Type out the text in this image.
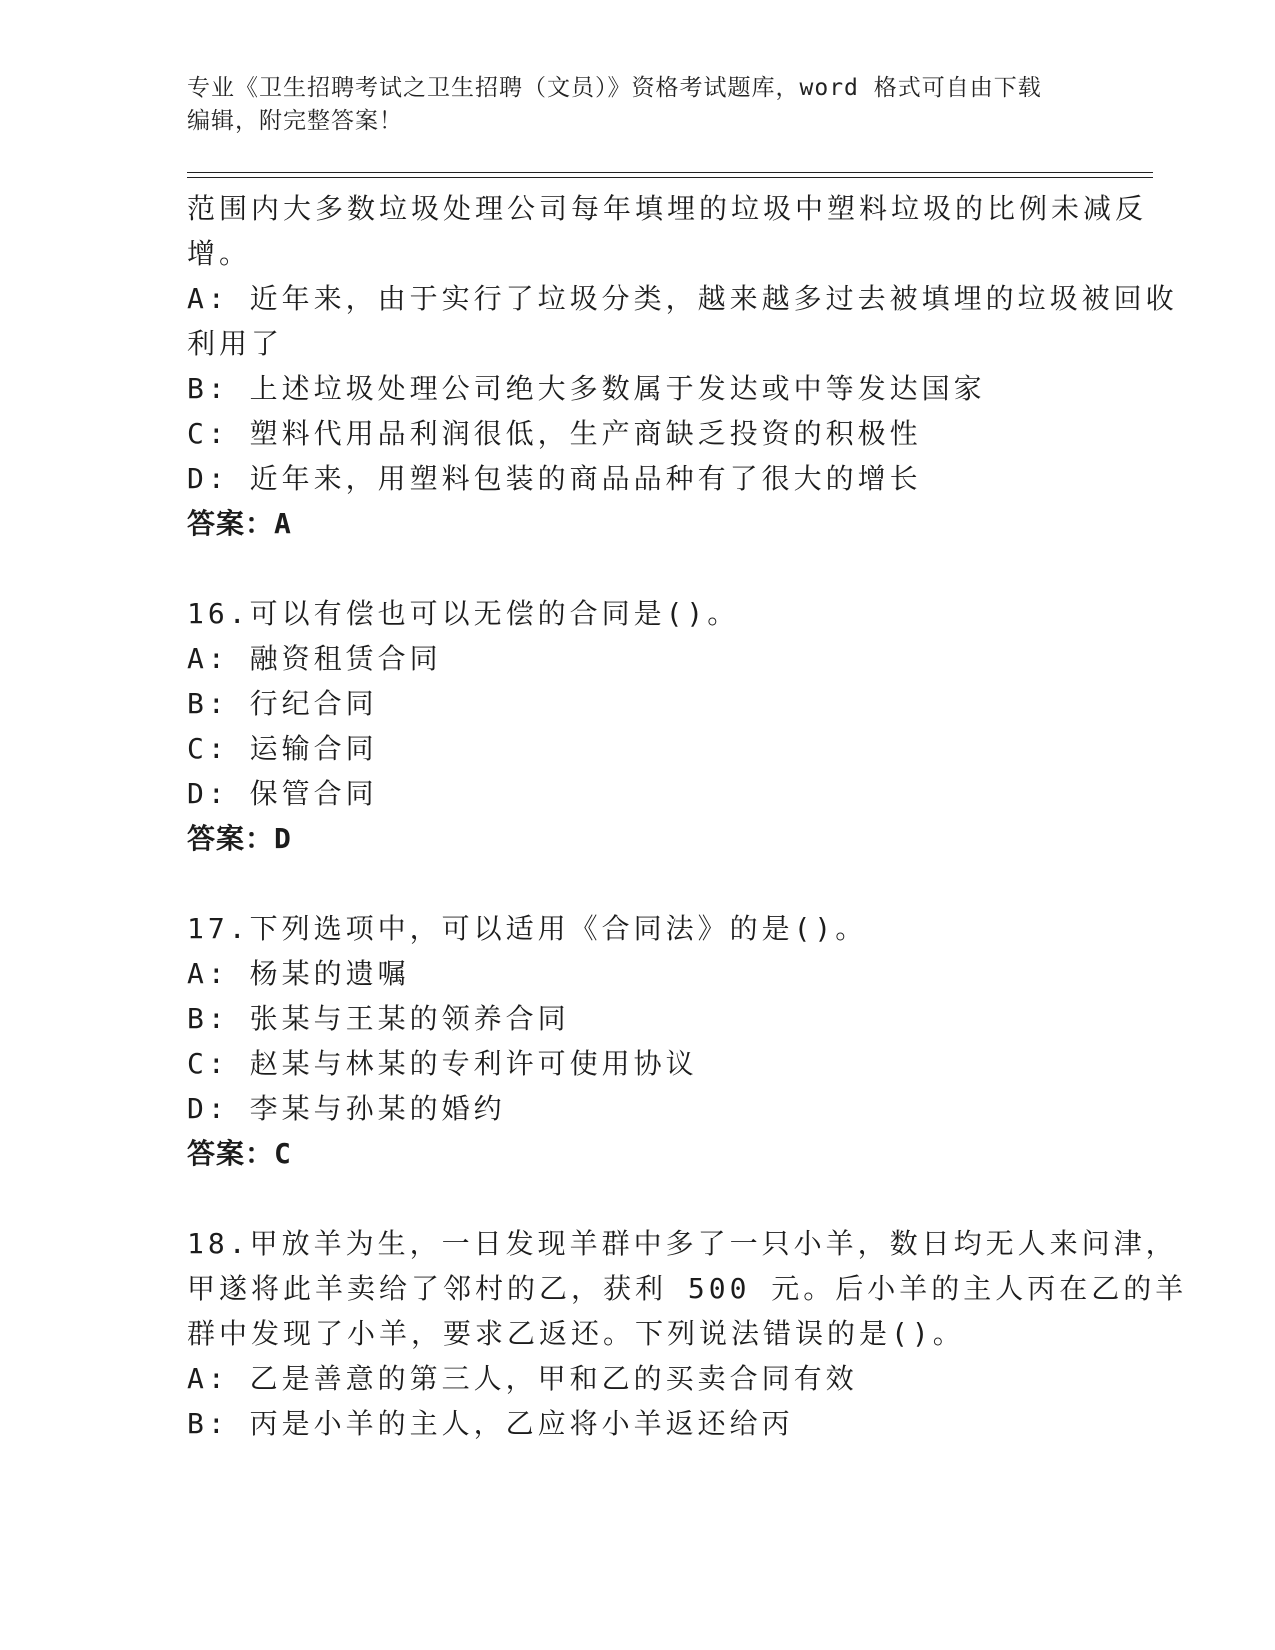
专业《卫生招聘考试之卫生招聘（文员）》资格考试题库，word 格式可自由下载
编辑，附完整答案！
范围内大多数垃圾处理公司每年填埋的垃圾中塑料垃圾的比例未减反
增。
A: 近年来，由于实行了垃圾分类，越来越多过去被填埋的垃圾被回收
利用了
B: 上述垃圾处理公司绝大多数属于发达或中等发达国家
C: 塑料代用品利润很低，生产商缺乏投资的积极性
D: 近年来，用塑料包装的商品品种有了很大的增长
答案：A
16.可以有偿也可以无偿的合同是()。
A: 融资租赁合同
B: 行纪合同
C: 运输合同
D: 保管合同
答案：D
17.下列选项中，可以适用《合同法》的是()。
A: 杨某的遗嘱
B: 张某与王某的领养合同
C: 赵某与林某的专利许可使用协议
D: 李某与孙某的婚约
答案：C
18.甲放羊为生，一日发现羊群中多了一只小羊，数日均无人来问津，
甲遂将此羊卖给了邻村的乙，获利 500 元。后小羊的主人丙在乙的羊
群中发现了小羊，要求乙返还。下列说法错误的是()。
A: 乙是善意的第三人，甲和乙的买卖合同有效
B: 丙是小羊的主人，乙应将小羊返还给丙
